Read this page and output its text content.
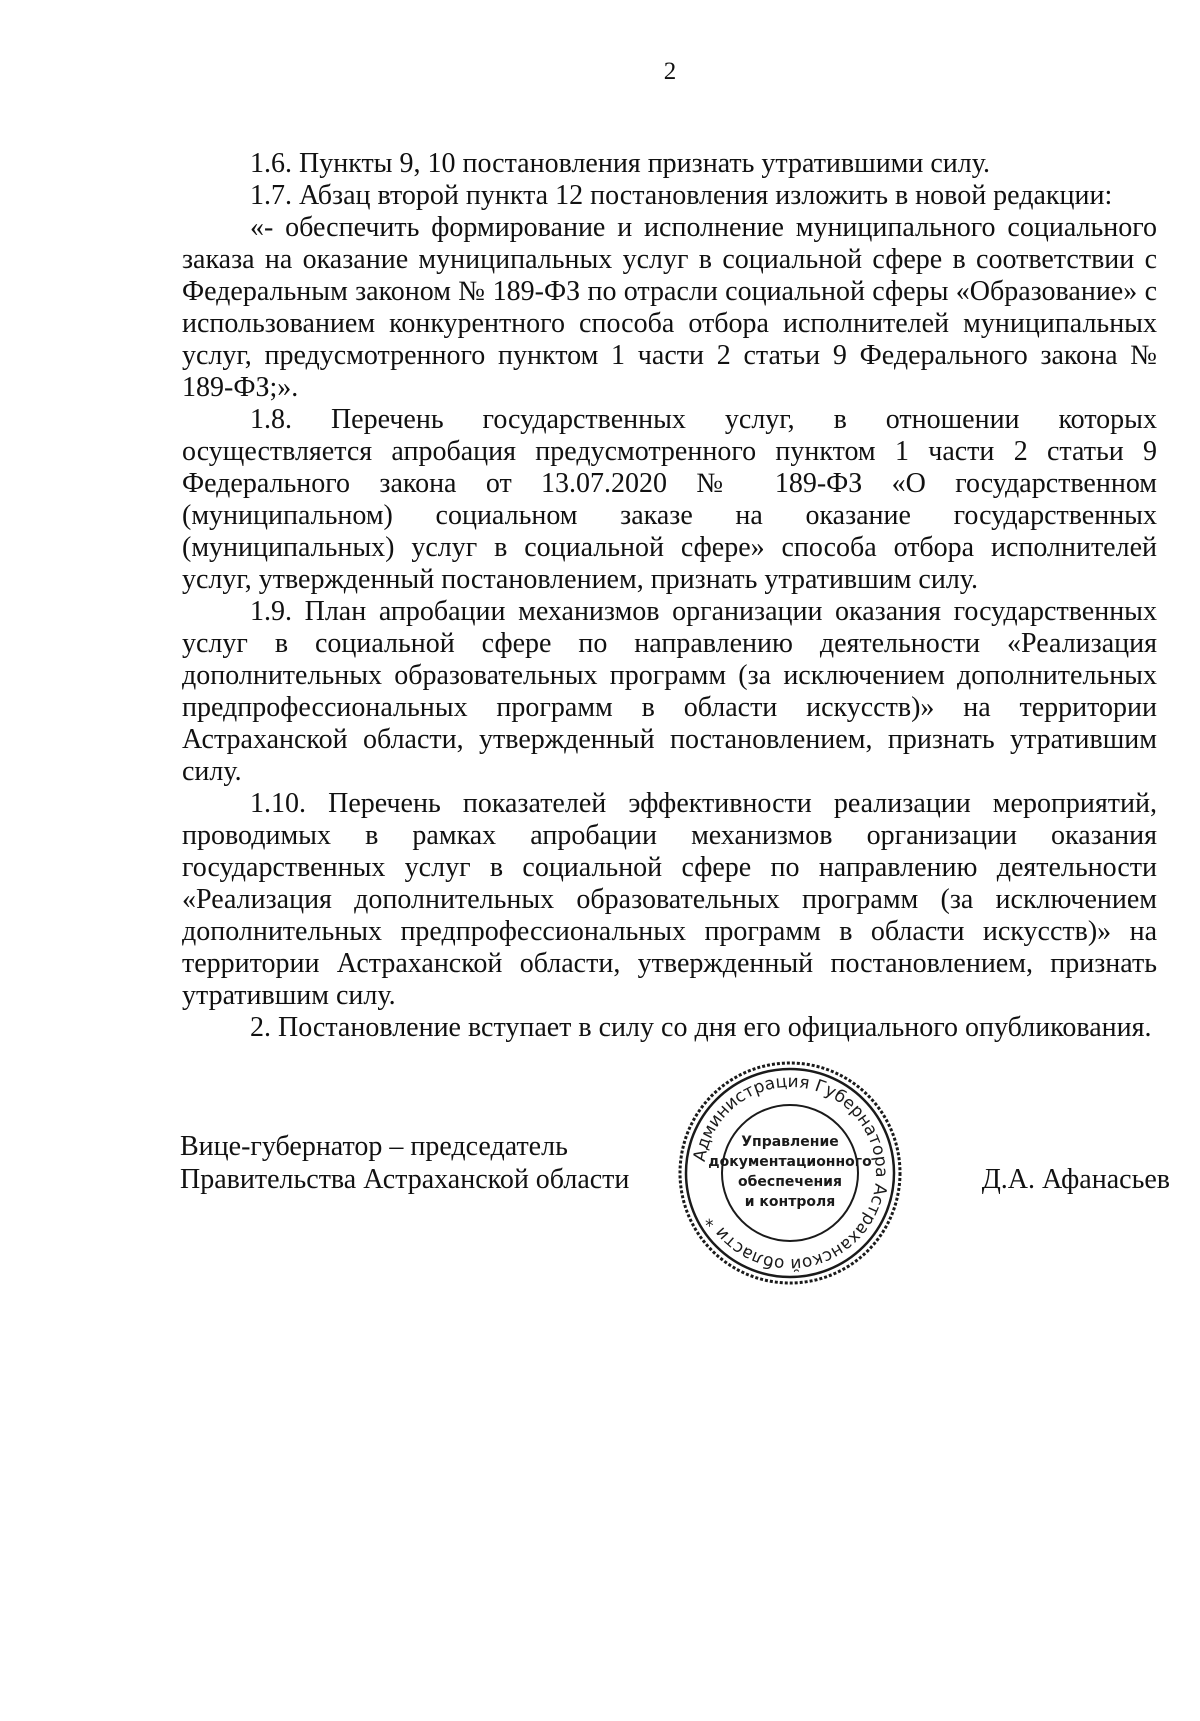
2

1.6. Пункты 9, 10 постановления признать утратившими силу.

1.7. Абзац второй пункта 12 постановления изложить в новой редакции:

«- обеспечить формирование и исполнение муниципального социального заказа на оказание муниципальных услуг в социальной сфере в соответствии с Федеральным законом № 189-ФЗ по отрасли социальной сферы «Образование» с использованием конкурентного способа отбора исполнителей муниципальных услуг, предусмотренного пунктом 1 части 2 статьи 9 Федерального закона № 189-ФЗ;».

1.8. Перечень государственных услуг, в отношении которых осуществляется апробация предусмотренного пунктом 1 части 2 статьи 9 Федерального закона от 13.07.2020 № 189-ФЗ «О государственном (муниципальном) социальном заказе на оказание государственных (муниципальных) услуг в социальной сфере» способа отбора исполнителей услуг, утвержденный постановлением, признать утратившим силу.

1.9. План апробации механизмов организации оказания государственных услуг в социальной сфере по направлению деятельности «Реализация дополнительных образовательных программ (за исключением дополнительных предпрофессиональных программ в области искусств)» на территории Астраханской области, утвержденный постановлением, признать утратившим силу.

1.10. Перечень показателей эффективности реализации мероприятий, проводимых в рамках апробации механизмов организации оказания государственных услуг в социальной сфере по направлению деятельности «Реализация дополнительных образовательных программ (за исключением дополнительных предпрофессиональных программ в области искусств)» на территории Астраханской области, утвержденный постановлением, признать утратившим силу.

2. Постановление вступает в силу со дня его официального опубликования.

Вице-губернатор – председатель
Правительства Астраханской области
Администрация Губернатора Астраханской области *
Управление
документационного
обеспечения
и контроля
Д.А. Афанасьев
